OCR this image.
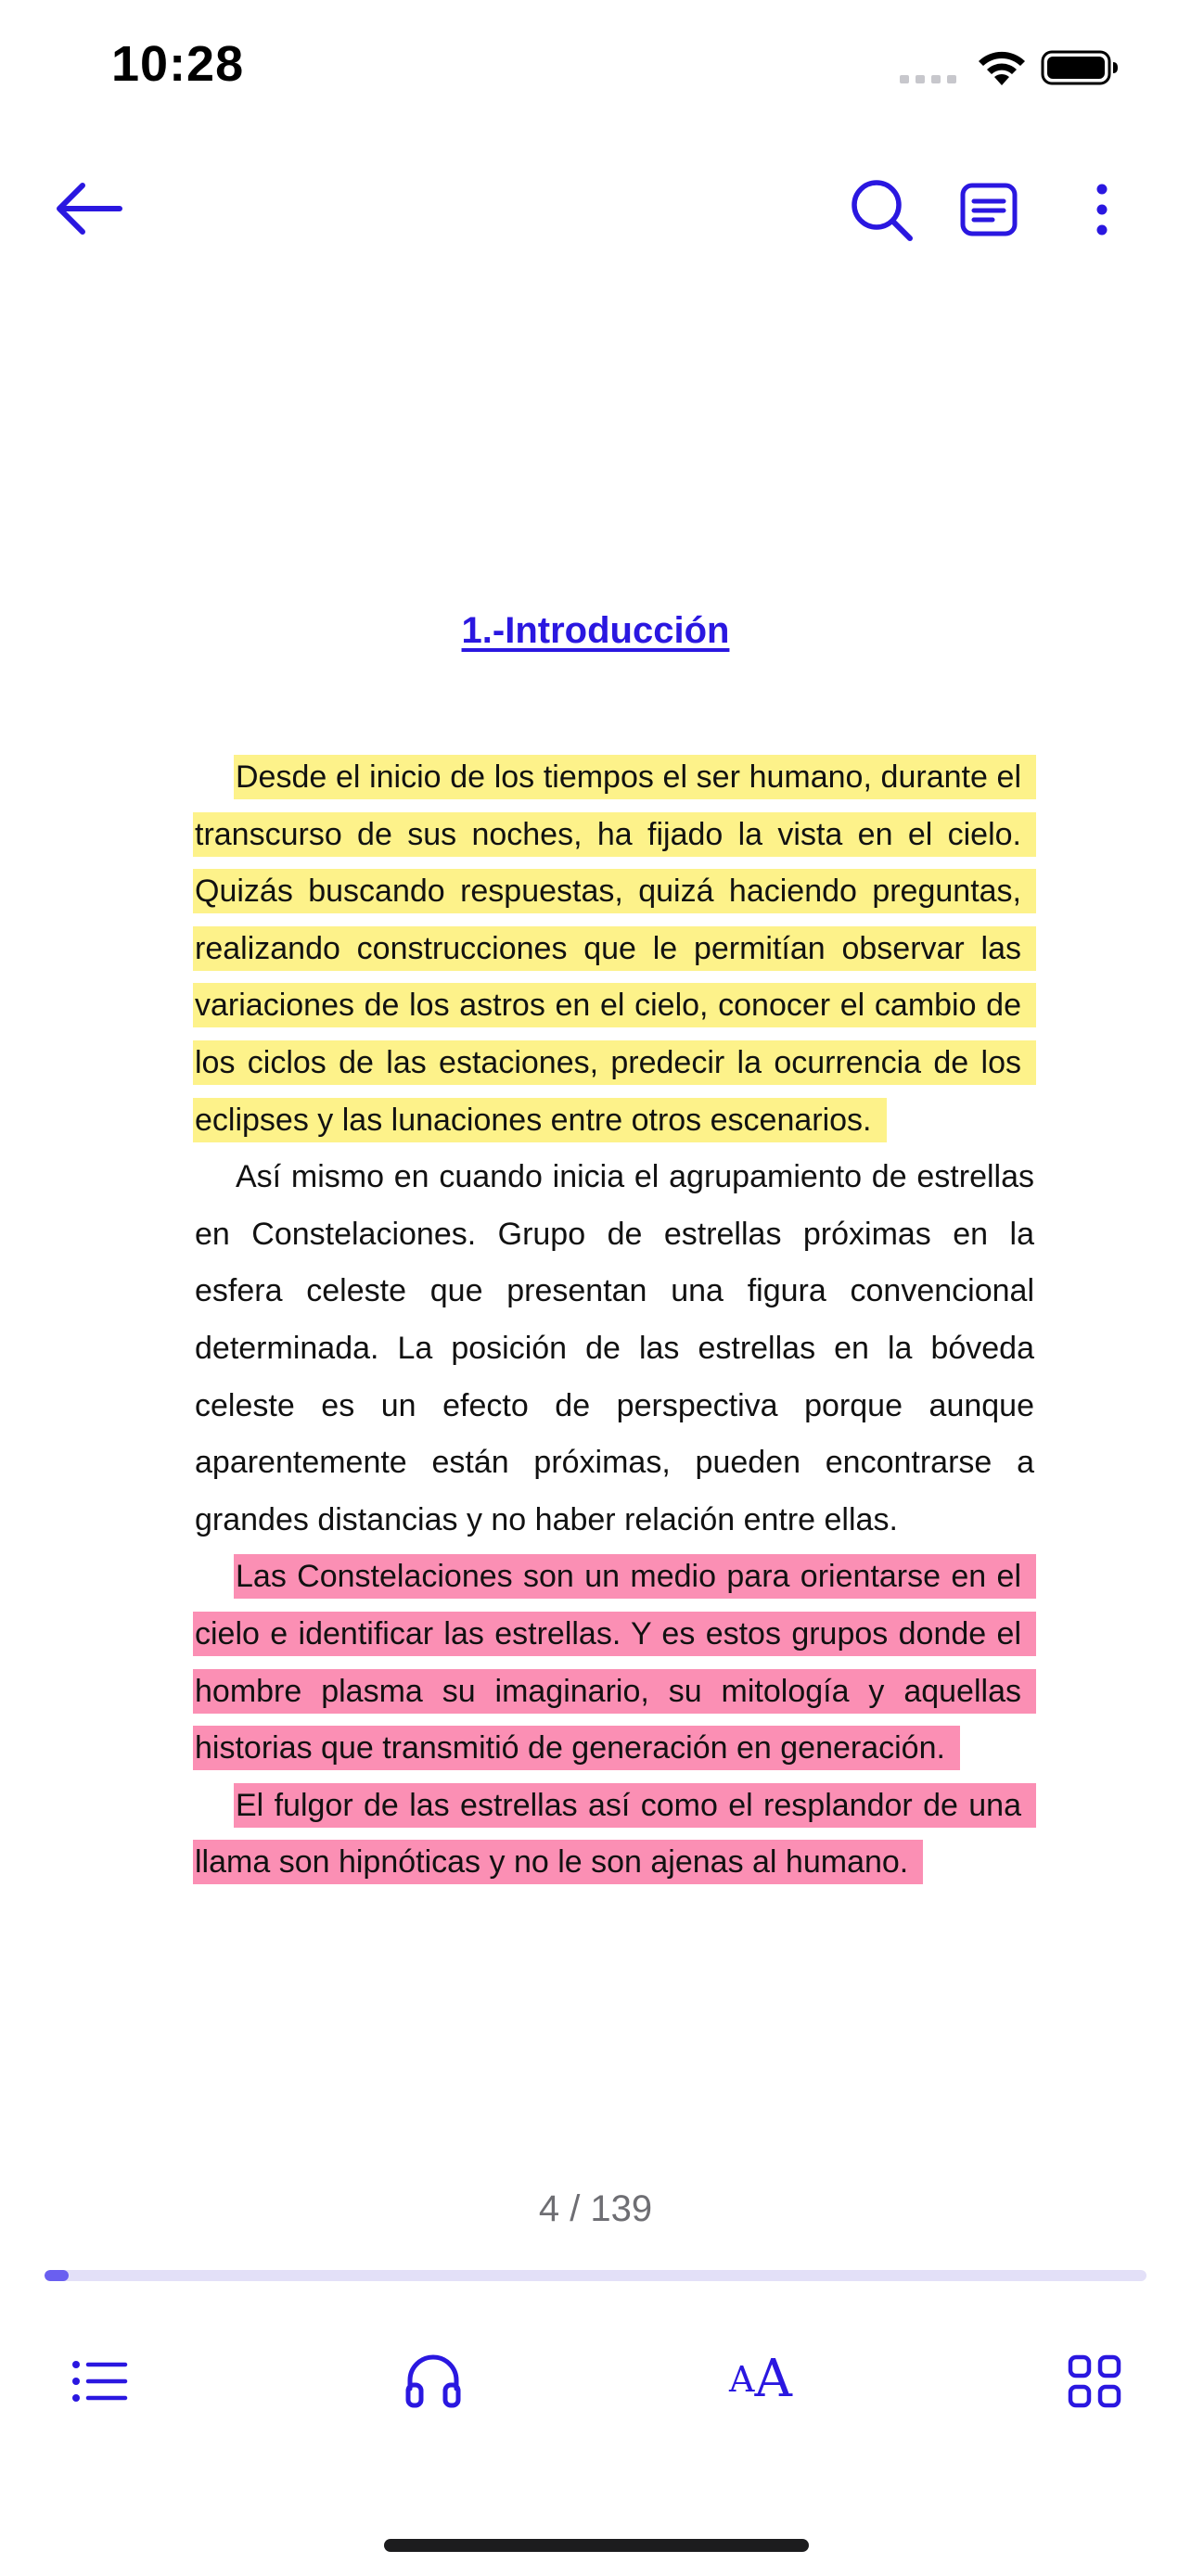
10:28
1.-Introducción

Desde el inicio de los tiempos el ser humano, durante el transcurso de sus noches, ha fijado la vista en el cielo. Quizás buscando respuestas, quizá haciendo preguntas, realizando construcciones que le permitían observar las variaciones de los astros en el cielo, conocer el cambio de los ciclos de las estaciones, predecir la ocurrencia de los eclipses y las lunaciones entre otros escenarios.

Así mismo en cuando inicia el agrupamiento de estrellas en Constelaciones. Grupo de estrellas próximas en la esfera celeste que presentan una figura convencional determinada. La posición de las estrellas en la bóveda celeste es un efecto de perspectiva porque aunque aparentemente están próximas, pueden encontrarse a grandes distancias y no haber relación entre ellas.

Las Constelaciones son un medio para orientarse en el cielo e identificar las estrellas. Y es estos grupos donde el hombre plasma su imaginario, su mitología y aquellas historias que transmitió de generación en generación.

El fulgor de las estrellas así como el resplandor de una llama son hipnóticas y no le son ajenas al humano.

4 / 139
A A
